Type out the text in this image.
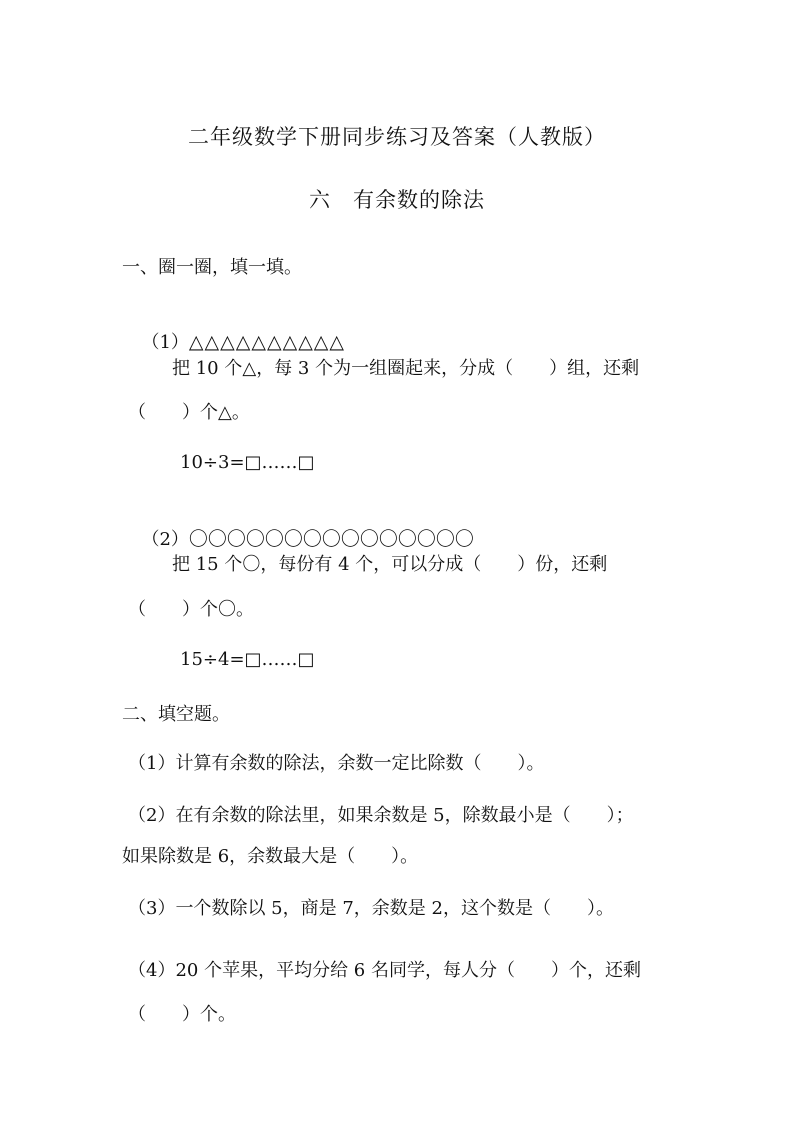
二年级数学下册同步练习及答案（人教版）
六　有余数的除法
一、圈一圈，填一填。

（1）△△△△△△△△△△

把 10 个△，每 3 个为一组圈起来，分成（　　）组，还剩
（　　）个△。
10÷3=□……□

（2）〇〇〇〇〇〇〇〇〇〇〇〇〇〇〇

把 15 个〇，每份有 4 个，可以分成（　　）份，还剩
（　　）个〇。
15÷4=□……□
二、填空题。
（1）计算有余数的除法，余数一定比除数（　　）。
（2）在有余数的除法里，如果余数是 5，除数最小是（　　）；
如果除数是 6，余数最大是（　　）。
（3）一个数除以 5，商是 7，余数是 2，这个数是（　　）。
（4）20 个苹果，平均分给 6 名同学，每人分（　　）个，还剩
（　　）个。
